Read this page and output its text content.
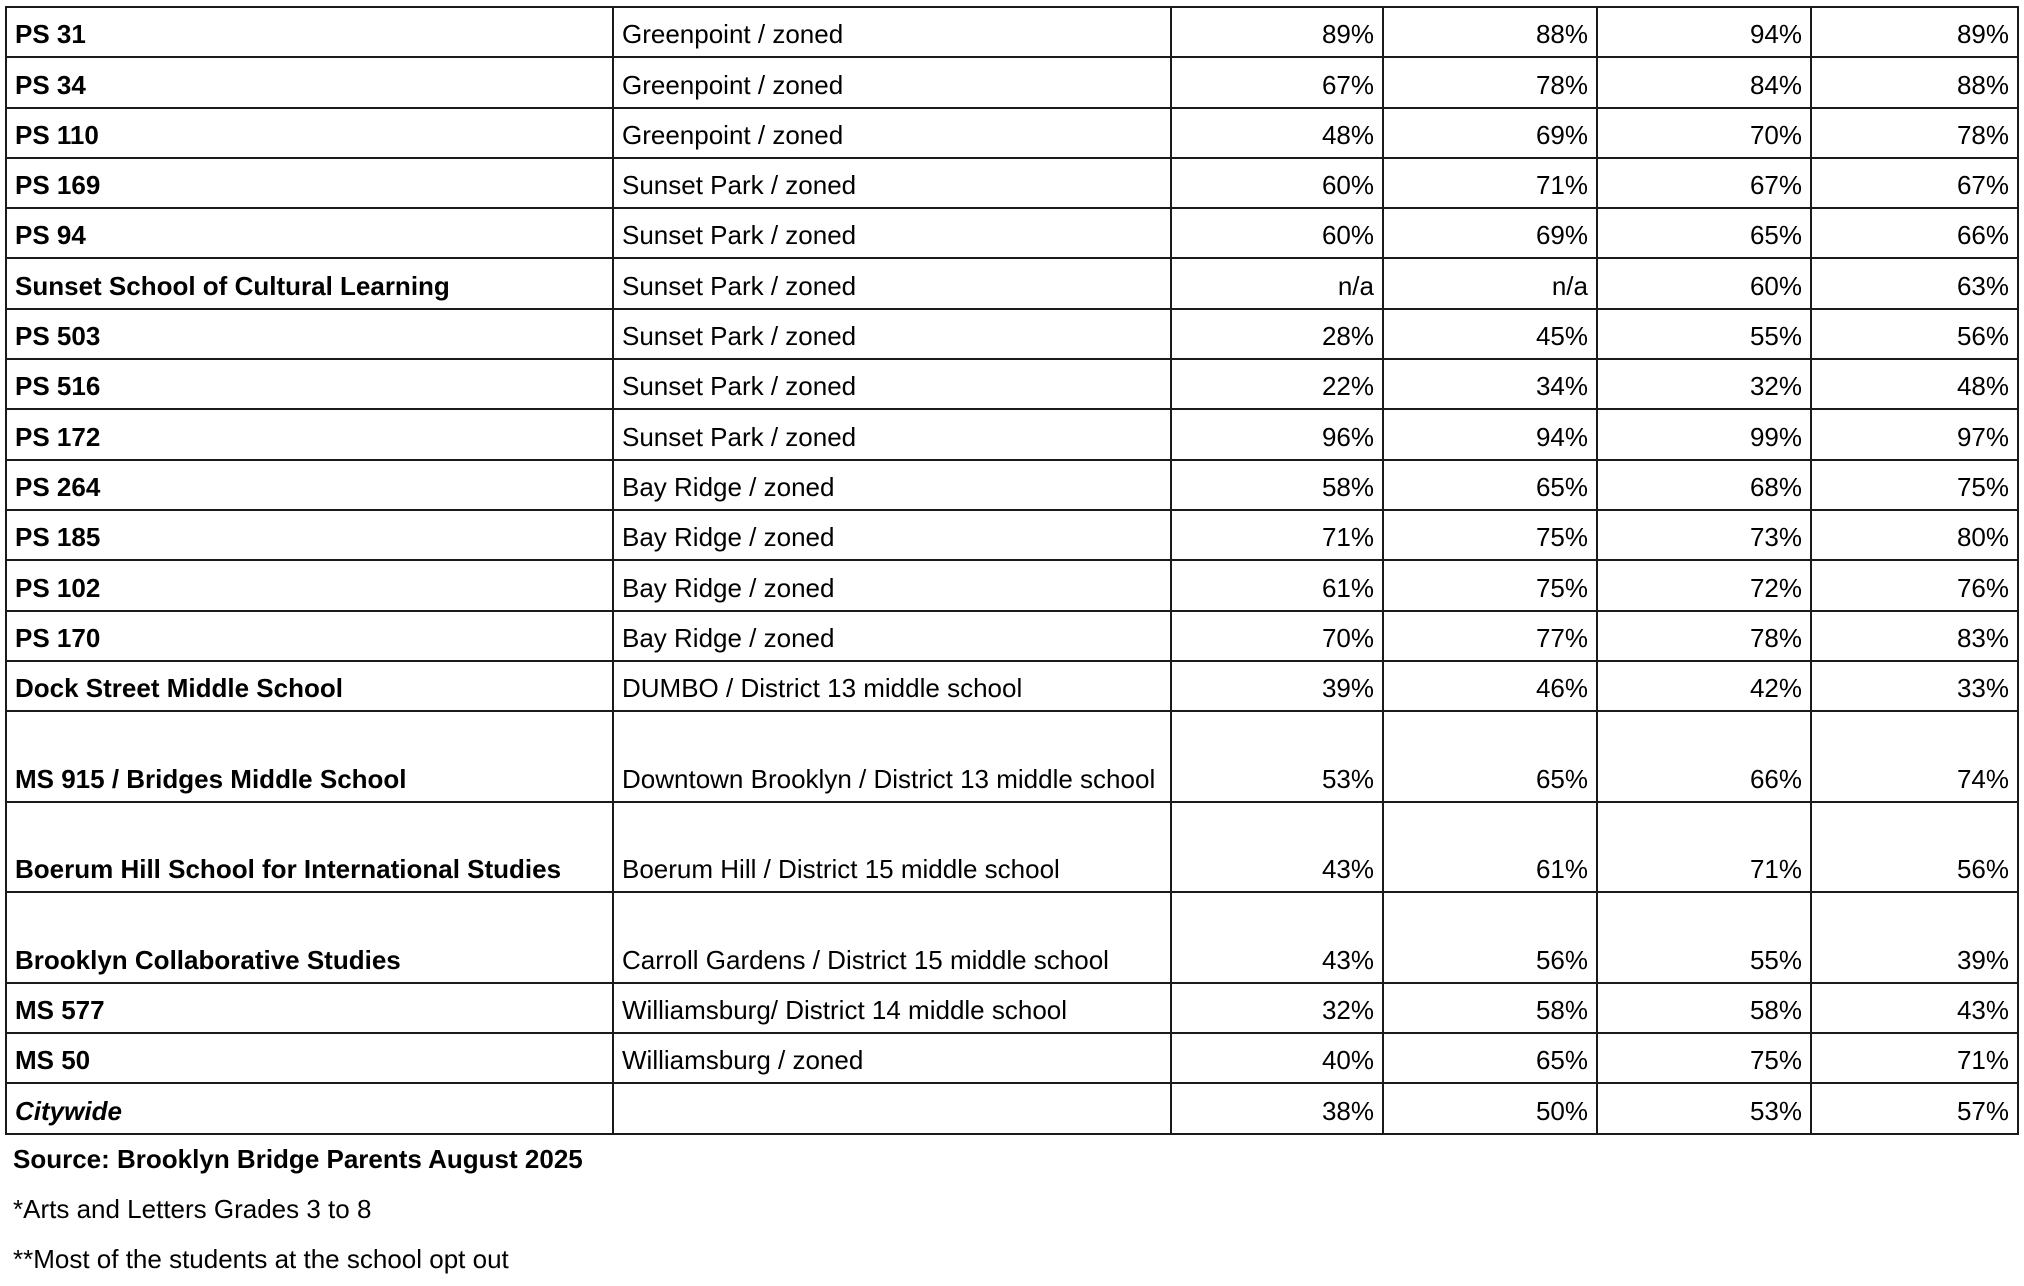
PS 31	Greenpoint / zoned	89%	88%	94%	89%
PS 34	Greenpoint / zoned	67%	78%	84%	88%
PS 110	Greenpoint / zoned	48%	69%	70%	78%
PS 169	Sunset Park / zoned	60%	71%	67%	67%
PS 94	Sunset Park / zoned	60%	69%	65%	66%
Sunset School of Cultural Learning	Sunset Park / zoned	n/a	n/a	60%	63%
PS 503	Sunset Park / zoned	28%	45%	55%	56%
PS 516	Sunset Park / zoned	22%	34%	32%	48%
PS 172	Sunset Park / zoned	96%	94%	99%	97%
PS 264	Bay Ridge / zoned	58%	65%	68%	75%
PS 185	Bay Ridge / zoned	71%	75%	73%	80%
PS 102	Bay Ridge / zoned	61%	75%	72%	76%
PS 170	Bay Ridge / zoned	70%	77%	78%	83%
Dock Street Middle School	DUMBO / District 13 middle school	39%	46%	42%	33%
MS 915 / Bridges Middle School	Downtown Brooklyn / District 13 middle school	53%	65%	66%	74%
Boerum Hill School for International Studies	Boerum Hill / District 15 middle school	43%	61%	71%	56%
Brooklyn Collaborative Studies	Carroll Gardens / District 15 middle school	43%	56%	55%	39%
MS 577	Williamsburg/ District 14 middle school	32%	58%	58%	43%
MS 50	Williamsburg / zoned	40%	65%	75%	71%
Citywide		38%	50%	53%	57%
Source: Brooklyn Bridge Parents August 2025
*Arts and Letters Grades 3 to 8
**Most of the students at the school opt out
